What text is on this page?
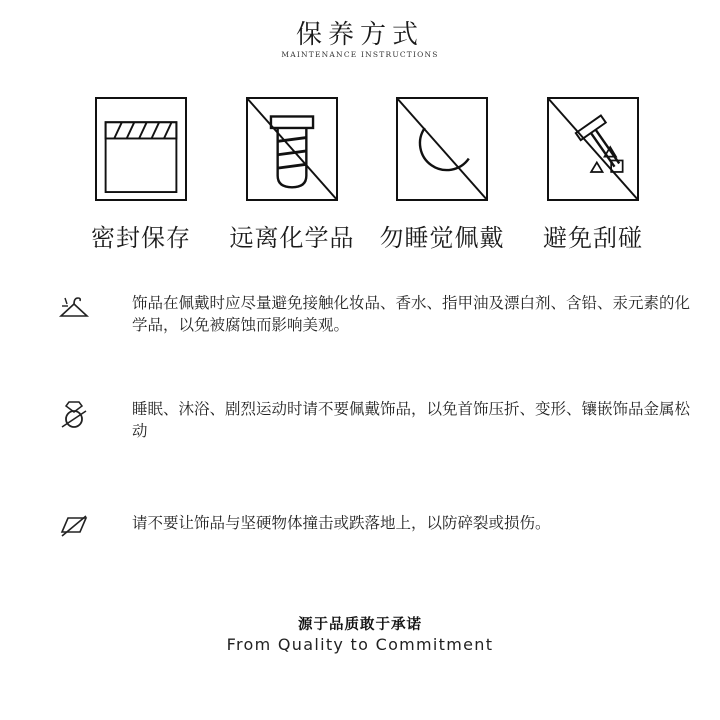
保养方式
MAINTENANCE INSTRUCTIONS
密封保存	远离化学品	勿睡觉佩戴	避免刮碰
饰品在佩戴时应尽量避免接触化妆品、香水、指甲油及漂白剂、含铅、汞元素的化学品，以免被腐蚀而影响美观。
睡眠、沐浴、剧烈运动时请不要佩戴饰品，以免首饰压折、变形、镶嵌饰品金属松动
请不要让饰品与坚硬物体撞击或跌落地上，以防碎裂或损伤。
源于品质敢于承诺
From Quality to Commitment
